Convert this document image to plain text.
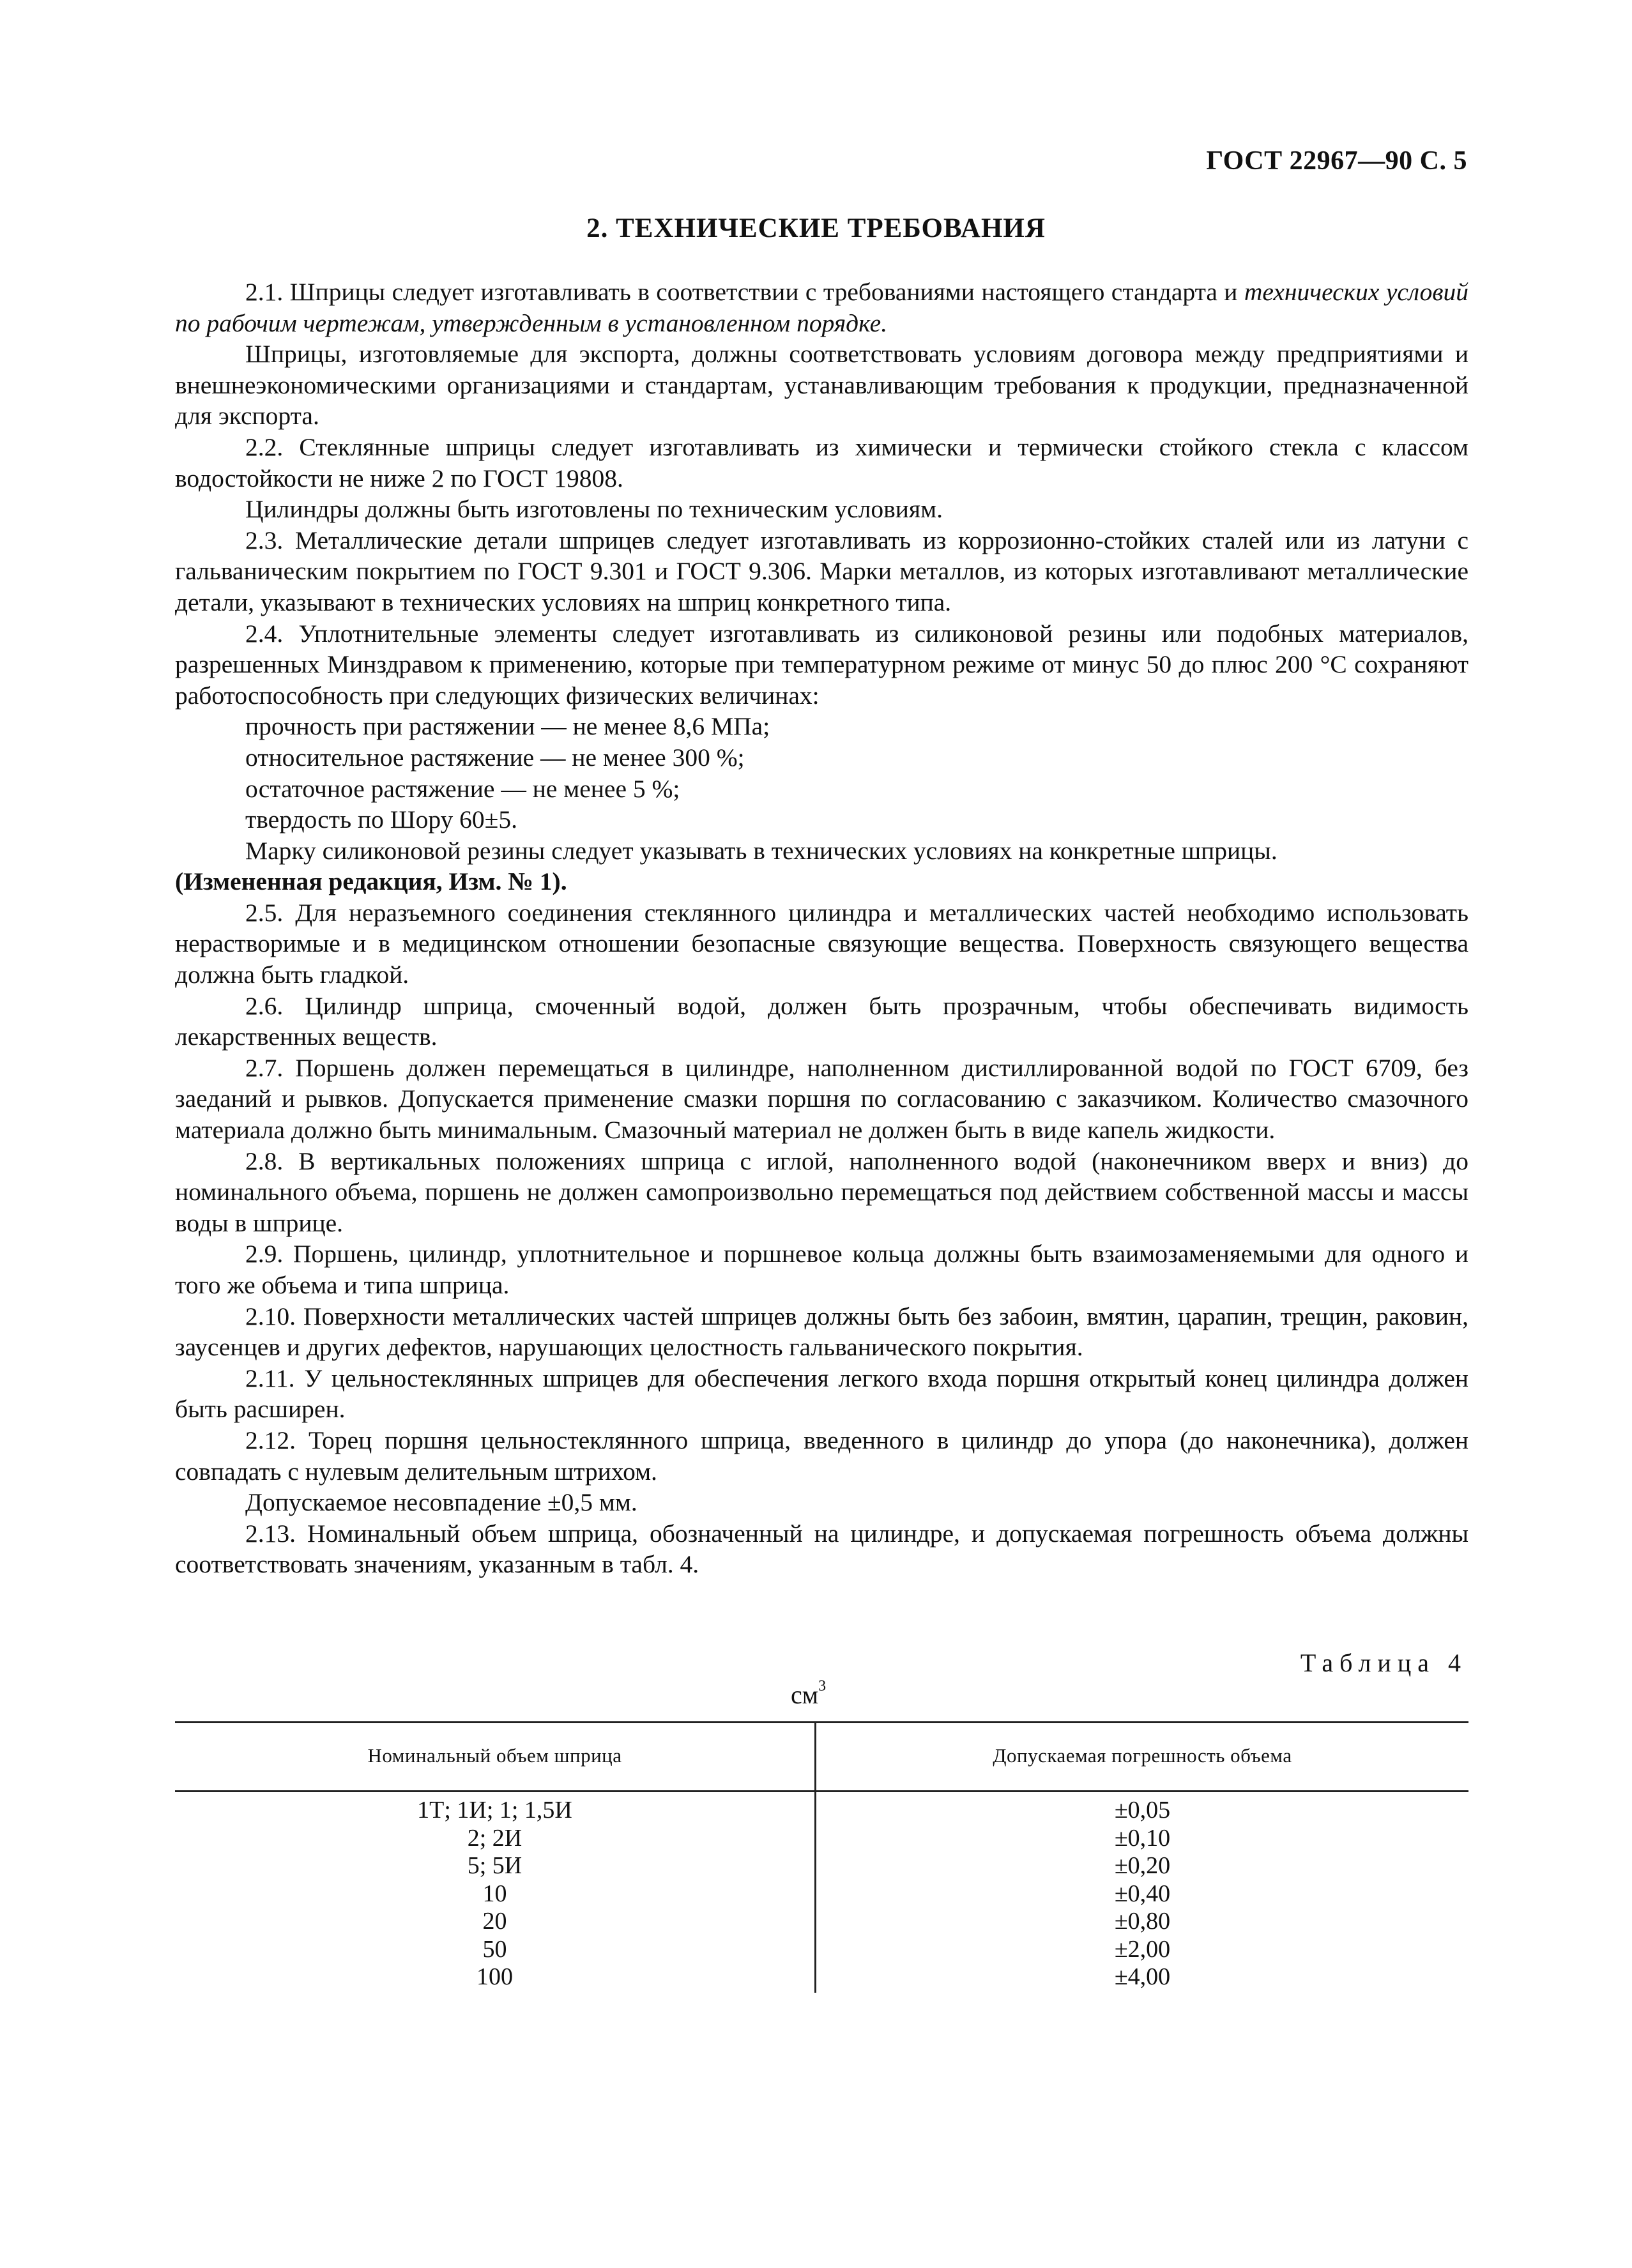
ГОСТ 22967—90 С. 5
2. ТЕХНИЧЕСКИЕ ТРЕБОВАНИЯ

2.1. Шприцы следует изготавливать в соответствии с требованиями настоящего стандарта и технических условий по рабочим чертежам, утвержденным в установленном порядке.

Шприцы, изготовляемые для экспорта, должны соответствовать условиям договора между предприятиями и внешнеэкономическими организациями и стандартам, устанавливающим требования к продукции, предназначенной для экспорта.

2.2. Стеклянные шприцы следует изготавливать из химически и термически стойкого стекла с классом водостойкости не ниже 2 по ГОСТ 19808.

Цилиндры должны быть изготовлены по техническим условиям.

2.3. Металлические детали шприцев следует изготавливать из коррозионно-стойких сталей или из латуни с гальваническим покрытием по ГОСТ 9.301 и ГОСТ 9.306. Марки металлов, из которых изготавливают металлические детали, указывают в технических условиях на шприц конкретного типа.

2.4. Уплотнительные элементы следует изготавливать из силиконовой резины или подобных материалов, разрешенных Минздравом к применению, которые при температурном режиме от минус 50 до плюс 200 °С сохраняют работоспособность при следующих физических величинах:

прочность при растяжении — не менее 8,6 МПа;

относительное растяжение — не менее 300 %;

остаточное растяжение — не менее 5 %;

твердость по Шору 60±5.

Марку силиконовой резины следует указывать в технических условиях на конкретные шприцы.

(Измененная редакция, Изм. № 1).

2.5. Для неразъемного соединения стеклянного цилиндра и металлических частей необходимо использовать нерастворимые и в медицинском отношении безопасные связующие вещества. Поверхность связующего вещества должна быть гладкой.

2.6. Цилиндр шприца, смоченный водой, должен быть прозрачным, чтобы обеспечивать видимость лекарственных веществ.

2.7. Поршень должен перемещаться в цилиндре, наполненном дистиллированной водой по ГОСТ 6709, без заеданий и рывков. Допускается применение смазки поршня по согласованию с заказчиком. Количество смазочного материала должно быть минимальным. Смазочный материал не должен быть в виде капель жидкости.

2.8. В вертикальных положениях шприца с иглой, наполненного водой (наконечником вверх и вниз) до номинального объема, поршень не должен самопроизвольно перемещаться под действием собственной массы и массы воды в шприце.

2.9. Поршень, цилиндр, уплотнительное и поршневое кольца должны быть взаимозаменяемыми для одного и того же объема и типа шприца.

2.10. Поверхности металлических частей шприцев должны быть без забоин, вмятин, царапин, трещин, раковин, заусенцев и других дефектов, нарушающих целостность гальванического покрытия.

2.11. У цельностеклянных шприцев для обеспечения легкого входа поршня открытый конец цилиндра должен быть расширен.

2.12. Торец поршня цельностеклянного шприца, введенного в цилиндр до упора (до наконечника), должен совпадать с нулевым делительным штрихом.

Допускаемое несовпадение ±0,5 мм.

2.13. Номинальный объем шприца, обозначенный на цилиндре, и допускаемая погрешность объема должны соответствовать значениям, указанным в табл. 4.

Таблица 4
$см^3$
Номинальный объем шприца	Допускаемая погрешность объема
1Т; 1И; 1; 1,5И
2; 2И
5; 5И
10
20
50
100
±0,05
±0,10
±0,20
±0,40
±0,80
±2,00
±4,00
